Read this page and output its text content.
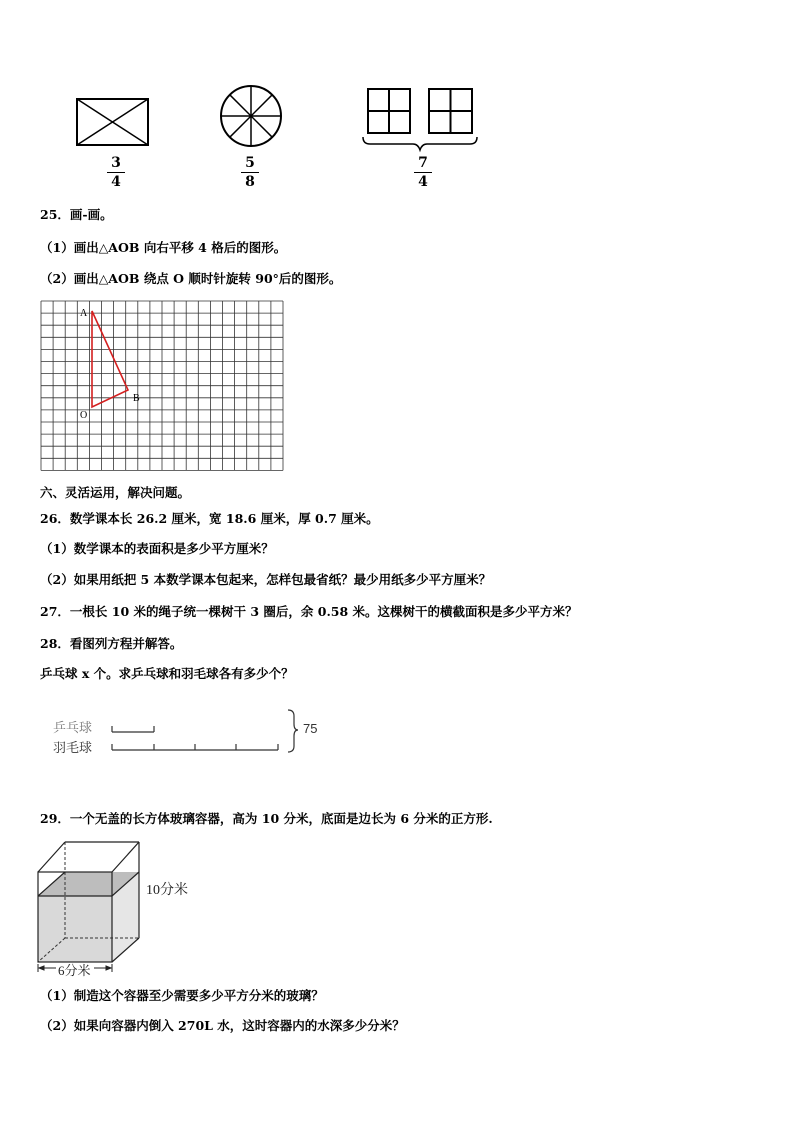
3
4
5
8
7
4
25．画-画。
（1）画出△AOB 向右平移 4 格后的图形。
（2）画出△AOB 绕点 O 顺时针旋转 90°后的图形。
A
B
O
六、灵活运用，解决问题。
26．数学课本长 26.2 厘米，宽 18.6 厘米，厚 0.7 厘米。
（1）数学课本的表面积是多少平方厘米？
（2）如果用纸把 5 本数学课本包起来，怎样包最省纸？最少用纸多少平方厘米？
27．一根长 10 米的绳子统一棵树干 3 圈后，余 0.58 米。这棵树干的横截面积是多少平方米？
28．看图列方程并解答。
乒乓球 x 个。求乒乓球和羽毛球各有多少个？
乒乓球
羽毛球
75
29．一个无盖的长方体玻璃容器，高为 10 分米，底面是边长为 6 分米的正方形.
10分米
6分米
（1）制造这个容器至少需要多少平方分米的玻璃？
（2）如果向容器内倒入 270L 水，这时容器内的水深多少分米？
